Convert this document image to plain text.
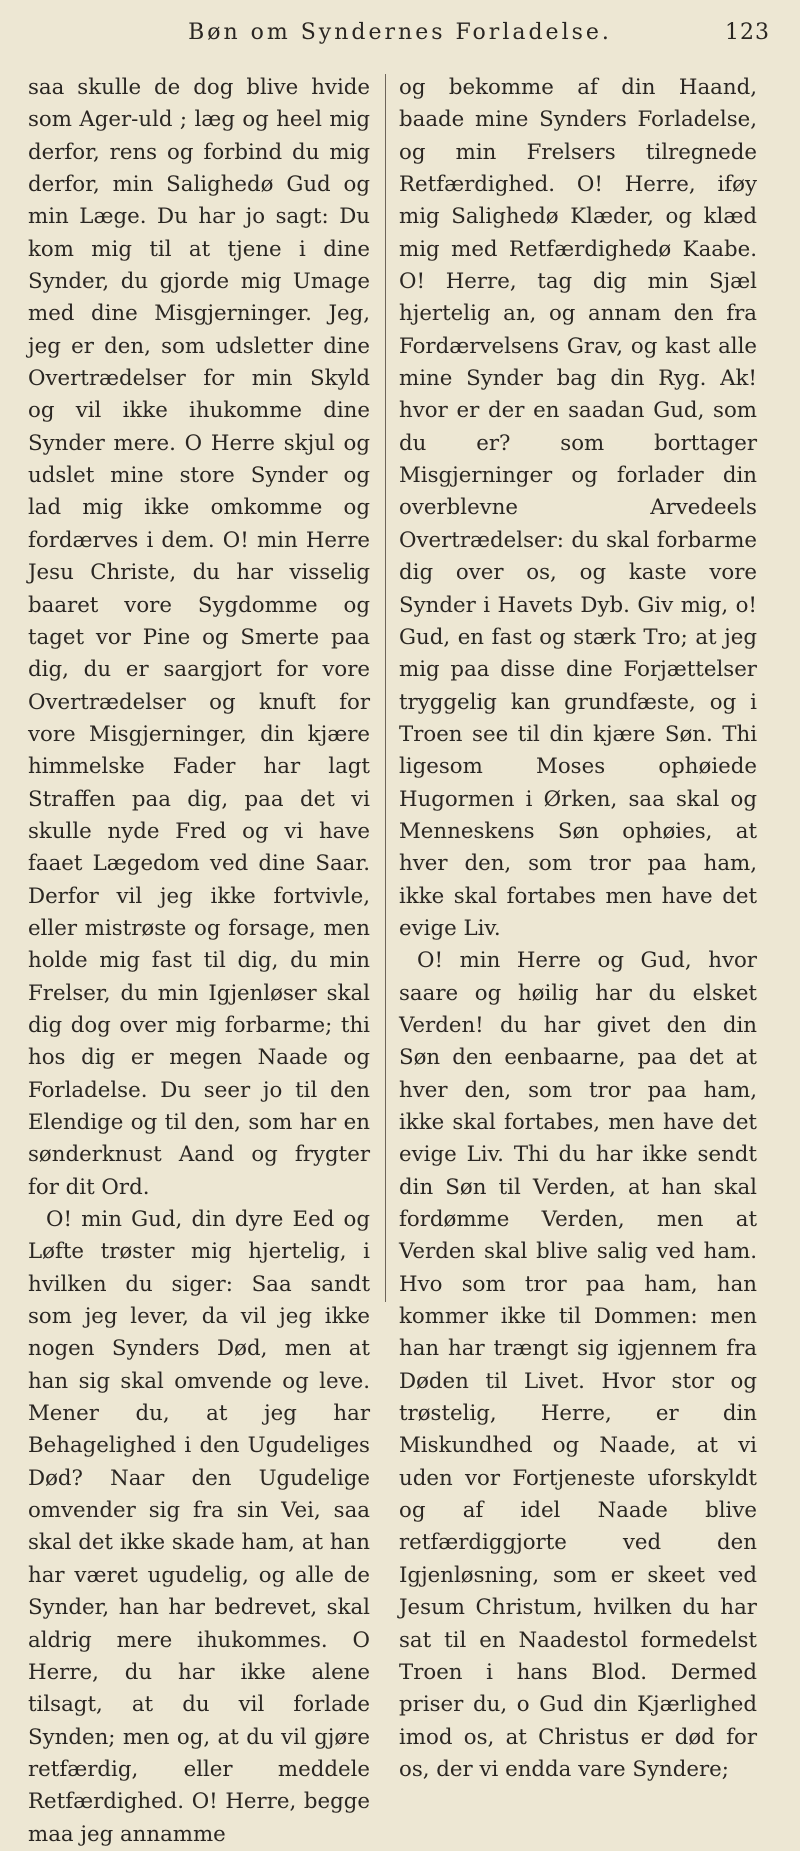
Bøn om Syndernes Forladelse.	123

saa skulle de dog blive hvide som Ager-uld ; læg og heel mig derfor, rens og forbind du mig derfor, min Salighedø Gud og min Læge. Du har jo sagt: Du kom mig til at tjene i dine Synder, du gjorde mig Umage med dine Misgjerninger. Jeg, jeg er den, som udsletter dine Overtrædelser for min Skyld og vil ikke ihukomme dine Synder mere. O Herre skjul og udslet mine store Synder og lad mig ikke omkomme og fordærves i dem. O! min Herre Jesu Christe, du har visselig baaret vore Sygdomme og taget vor Pine og Smerte paa dig, du er saargjort for vore Overtrædelser og knuft for vore Misgjerninger, din kjære himmelske Fader har lagt Straffen paa dig, paa det vi skulle nyde Fred og vi have faaet Lægedom ved dine Saar. Derfor vil jeg ikke fortvivle, eller mistrøste og forsage, men holde mig fast til dig, du min Frelser, du min Igjenløser skal dig dog over mig forbarme; thi hos dig er megen Naade og Forladelse. Du seer jo til den Elendige og til den, som har en sønderknust Aand og frygter for dit Ord.

O! min Gud, din dyre Eed og Løfte trøster mig hjertelig, i hvilken du siger: Saa sandt som jeg lever, da vil jeg ikke nogen Synders Død, men at han sig skal omvende og leve. Mener du, at jeg har Behagelighed i den Ugudeliges Død? Naar den Ugudelige omvender sig fra sin Vei, saa skal det ikke skade ham, at han har været ugudelig, og alle de Synder, han har bedrevet, skal aldrig mere ihukommes. O Herre, du har ikke alene tilsagt, at du vil forlade Synden; men og, at du vil gjøre retfærdig, eller meddele Retfærdighed. O! Herre, begge maa jeg annamme

og bekomme af din Haand, baade mine Synders Forladelse, og min Frelsers tilregnede Retfærdighed. O! Herre, iføy mig Salighedø Klæder, og klæd mig med Retfærdighedø Kaabe. O! Herre, tag dig min Sjæl hjertelig an, og annam den fra Fordærvelsens Grav, og kast alle mine Synder bag din Ryg. Ak! hvor er der en saadan Gud, som du er? som borttager Misgjerninger og forlader din overblevne Arvedeels Overtrædelser: du skal forbarme dig over os, og kaste vore Synder i Havets Dyb. Giv mig, o! Gud, en fast og stærk Tro; at jeg mig paa disse dine Forjættelser tryggelig kan grundfæste, og i Troen see til din kjære Søn. Thi ligesom Moses ophøiede Hugormen i Ørken, saa skal og Menneskens Søn ophøies, at hver den, som tror paa ham, ikke skal fortabes men have det evige Liv.

O! min Herre og Gud, hvor saare og høilig har du elsket Verden! du har givet den din Søn den eenbaarne, paa det at hver den, som tror paa ham, ikke skal fortabes, men have det evige Liv. Thi du har ikke sendt din Søn til Verden, at han skal fordømme Verden, men at Verden skal blive salig ved ham. Hvo som tror paa ham, han kommer ikke til Dommen: men han har trængt sig igjennem fra Døden til Livet. Hvor stor og trøstelig, Herre, er din Miskundhed og Naade, at vi uden vor Fortjeneste uforskyldt og af idel Naade blive retfærdiggjorte ved den Igjenløsning, som er skeet ved Jesum Christum, hvilken du har sat til en Naadestol formedelst Troen i hans Blod. Dermed priser du, o Gud din Kjærlighed imod os, at Christus er død for os, der vi endda vare Syndere;
